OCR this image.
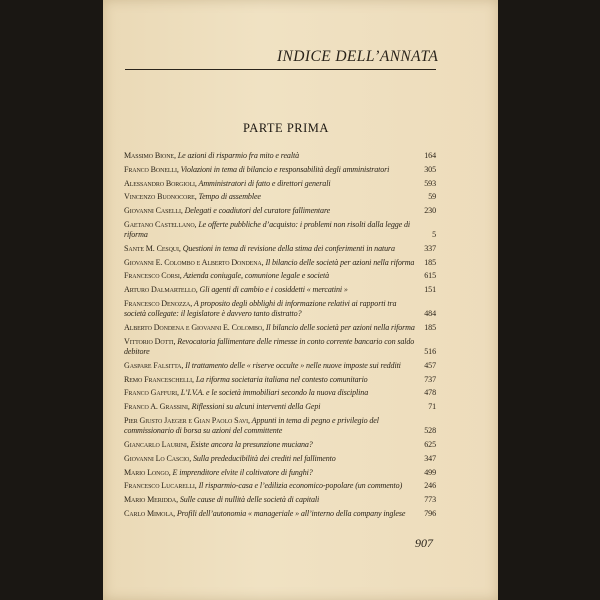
INDICE DELL’ANNATA
PARTE PRIMA
Massimo Bione, Le azioni di risparmio fra mito e realtà	164
Franco Bonelli, Violazioni in tema di bilancio e responsabilità degli amministratori	305
Alessandro Borgioli, Amministratori di fatto e direttori generali	593
Vincenzo Buonocore, Tempo di assemblee	59
Giovanni Caselli, Delegati e coadiutori del curatore fallimentare	230
Gaetano Castellano, Le offerte pubbliche d’acquisto: i problemi non risolti dalla legge di riforma	5
Sante M. Cesqui, Questioni in tema di revisione della stima dei conferimenti in natura	337
Giovanni E. Colombo e Alberto Dondena, Il bilancio delle società per azioni nella riforma 185
Francesco Corsi, Azienda coniugale, comunione legale e società	615
Arturo Dalmartello, Gli agenti di cambio e i cosiddetti « mercatini »	151
Francesco Denozza, A proposito degli obblighi di informazione relativi ai rapporti tra società collegate: il legislatore è davvero tanto distratto?	484
Alberto Dondena e Giovanni E. Colombo, Il bilancio delle società per azioni nella riforma 185
Vittorio Dotti, Revocatoria fallimentare delle rimesse in conto corrente bancario con saldo debitore	516
Gaspare Falsitta, Il trattamento delle « riserve occulte » nelle nuove imposte sui redditi	457
Remo Franceschelli, La riforma societaria italiana nel contesto comunitario	737
Franco Gaffuri, L’I.V.A. e le società immobiliari secondo la nuova disciplina	478
Franco A. Grassini, Riflessioni su alcuni interventi della Gepi	71
Pier Giusto Jaeger e Gian Paolo Savi, Appunti in tema di pegno e privilegio del commissionario di borsa su azioni del committente	528
Giancarlo Laurini, Esiste ancora la presunzione muciana?	625
Giovanni Lo Cascio, Sulla prededucibilità dei crediti nel fallimento	347
Mario Longo, E imprenditore elvite il coltivatore di funghi?	499
Francesco Lucarelli, Il risparmio-casa e l’edilizia economico-popolare (un commento)	246
Mario Meridda, Sulle cause di nullità delle società di capitali	773
Carlo Mimola, Profili dell’autonomia « manageriale » all’interno della company inglese 796
907
